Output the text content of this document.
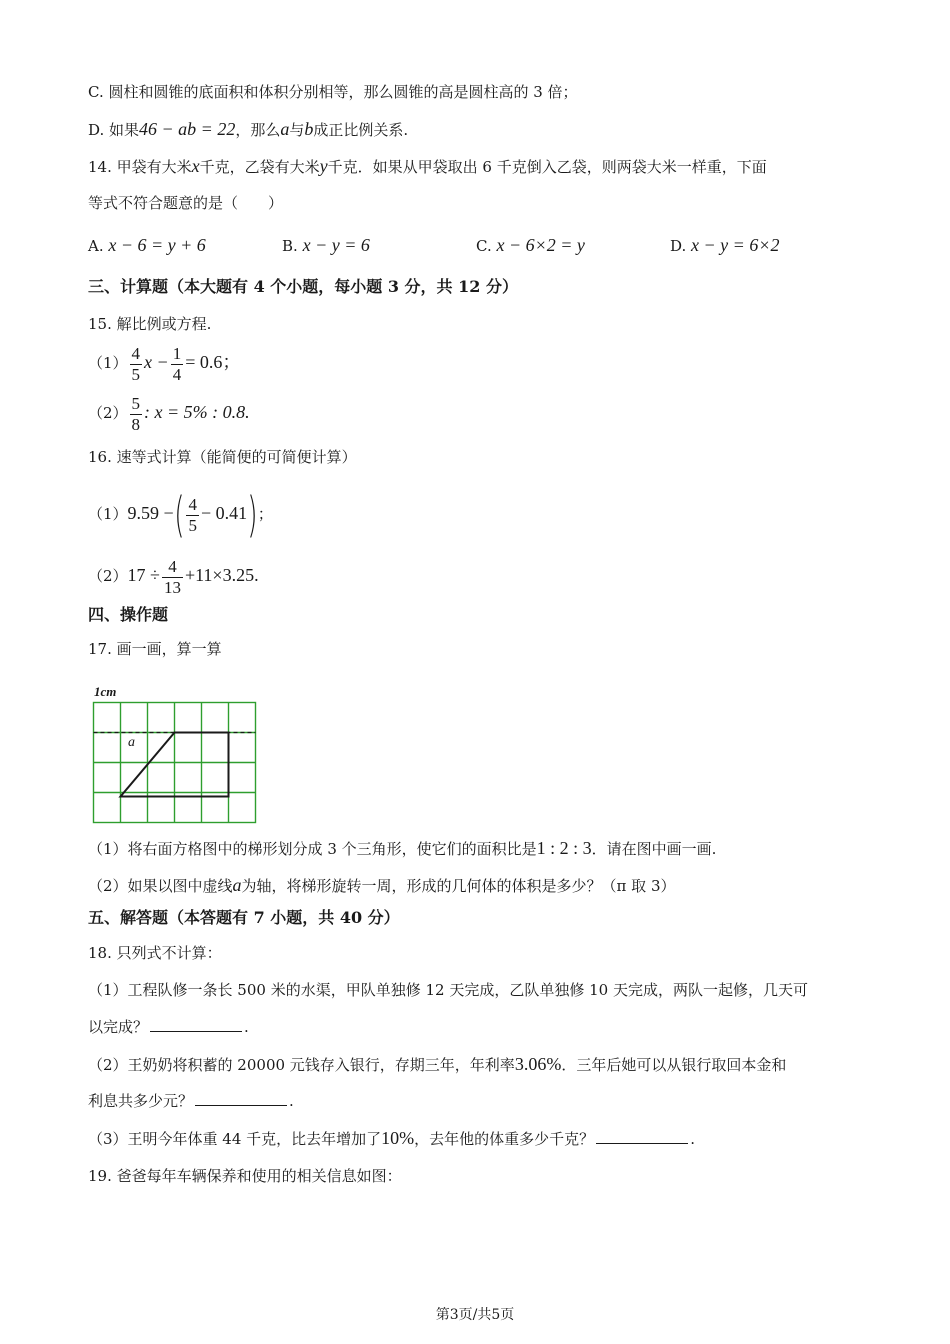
C. 圆柱和圆锥的底面积和体积分别相等，那么圆锥的高是圆柱高的 3 倍；
D. 如果46 − ab = 22，那么a与b成正比例关系.
14. 甲袋有大米x千克，乙袋有大米y千克．如果从甲袋取出 6 千克倒入乙袋，则两袋大米一样重，下面
等式不符合题意的是（　　）
A. x − 6 = y + 6	B. x − y = 6	C. x − 6×2 = y	D. x − y = 6×2
三、计算题（本大题有 4 个小题，每小题 3 分，共 12 分）
15. 解比例或方程.
$(1) \frac{4}{5}$ $x - \frac{1}{4} = 0.6$；
$(2) \frac{5}{8}$ : x = 5% : 0.8.
16. 速等式计算（能简便的可简便计算）
（1）9.59 −( $\frac{4}{5} - 0.41$)；
$(2)17 \div \frac{4}{13} +11\times 3.25$.
四、操作题
17. 画一画，算一算
1cm
a
（1）将右面方格图中的梯形划分成 3 个三角形，使它们的面积比是1 : 2 : 3．请在图中画一画.
（2）如果以图中虚线a为轴，将梯形旋转一周，形成的几何体的体积是多少？（π 取 3）
五、解答题（本答题有 7 小题，共 40 分）
18. 只列式不计算：
（1）工程队修一条长 500 米的水渠，甲队单独修 12 天完成，乙队单独修 10 天完成，两队一起修，几天可
以完成？	.
（2）王奶奶将积蓄的 20000 元钱存入银行，存期三年，年利率3.06%．三年后她可以从银行取回本金和
利息共多少元？	.
（3）王明今年体重 44 千克，比去年增加了10%，去年他的体重多少千克？	.
19. 爸爸每年车辆保养和使用的相关信息如图：
第3页/共5页
